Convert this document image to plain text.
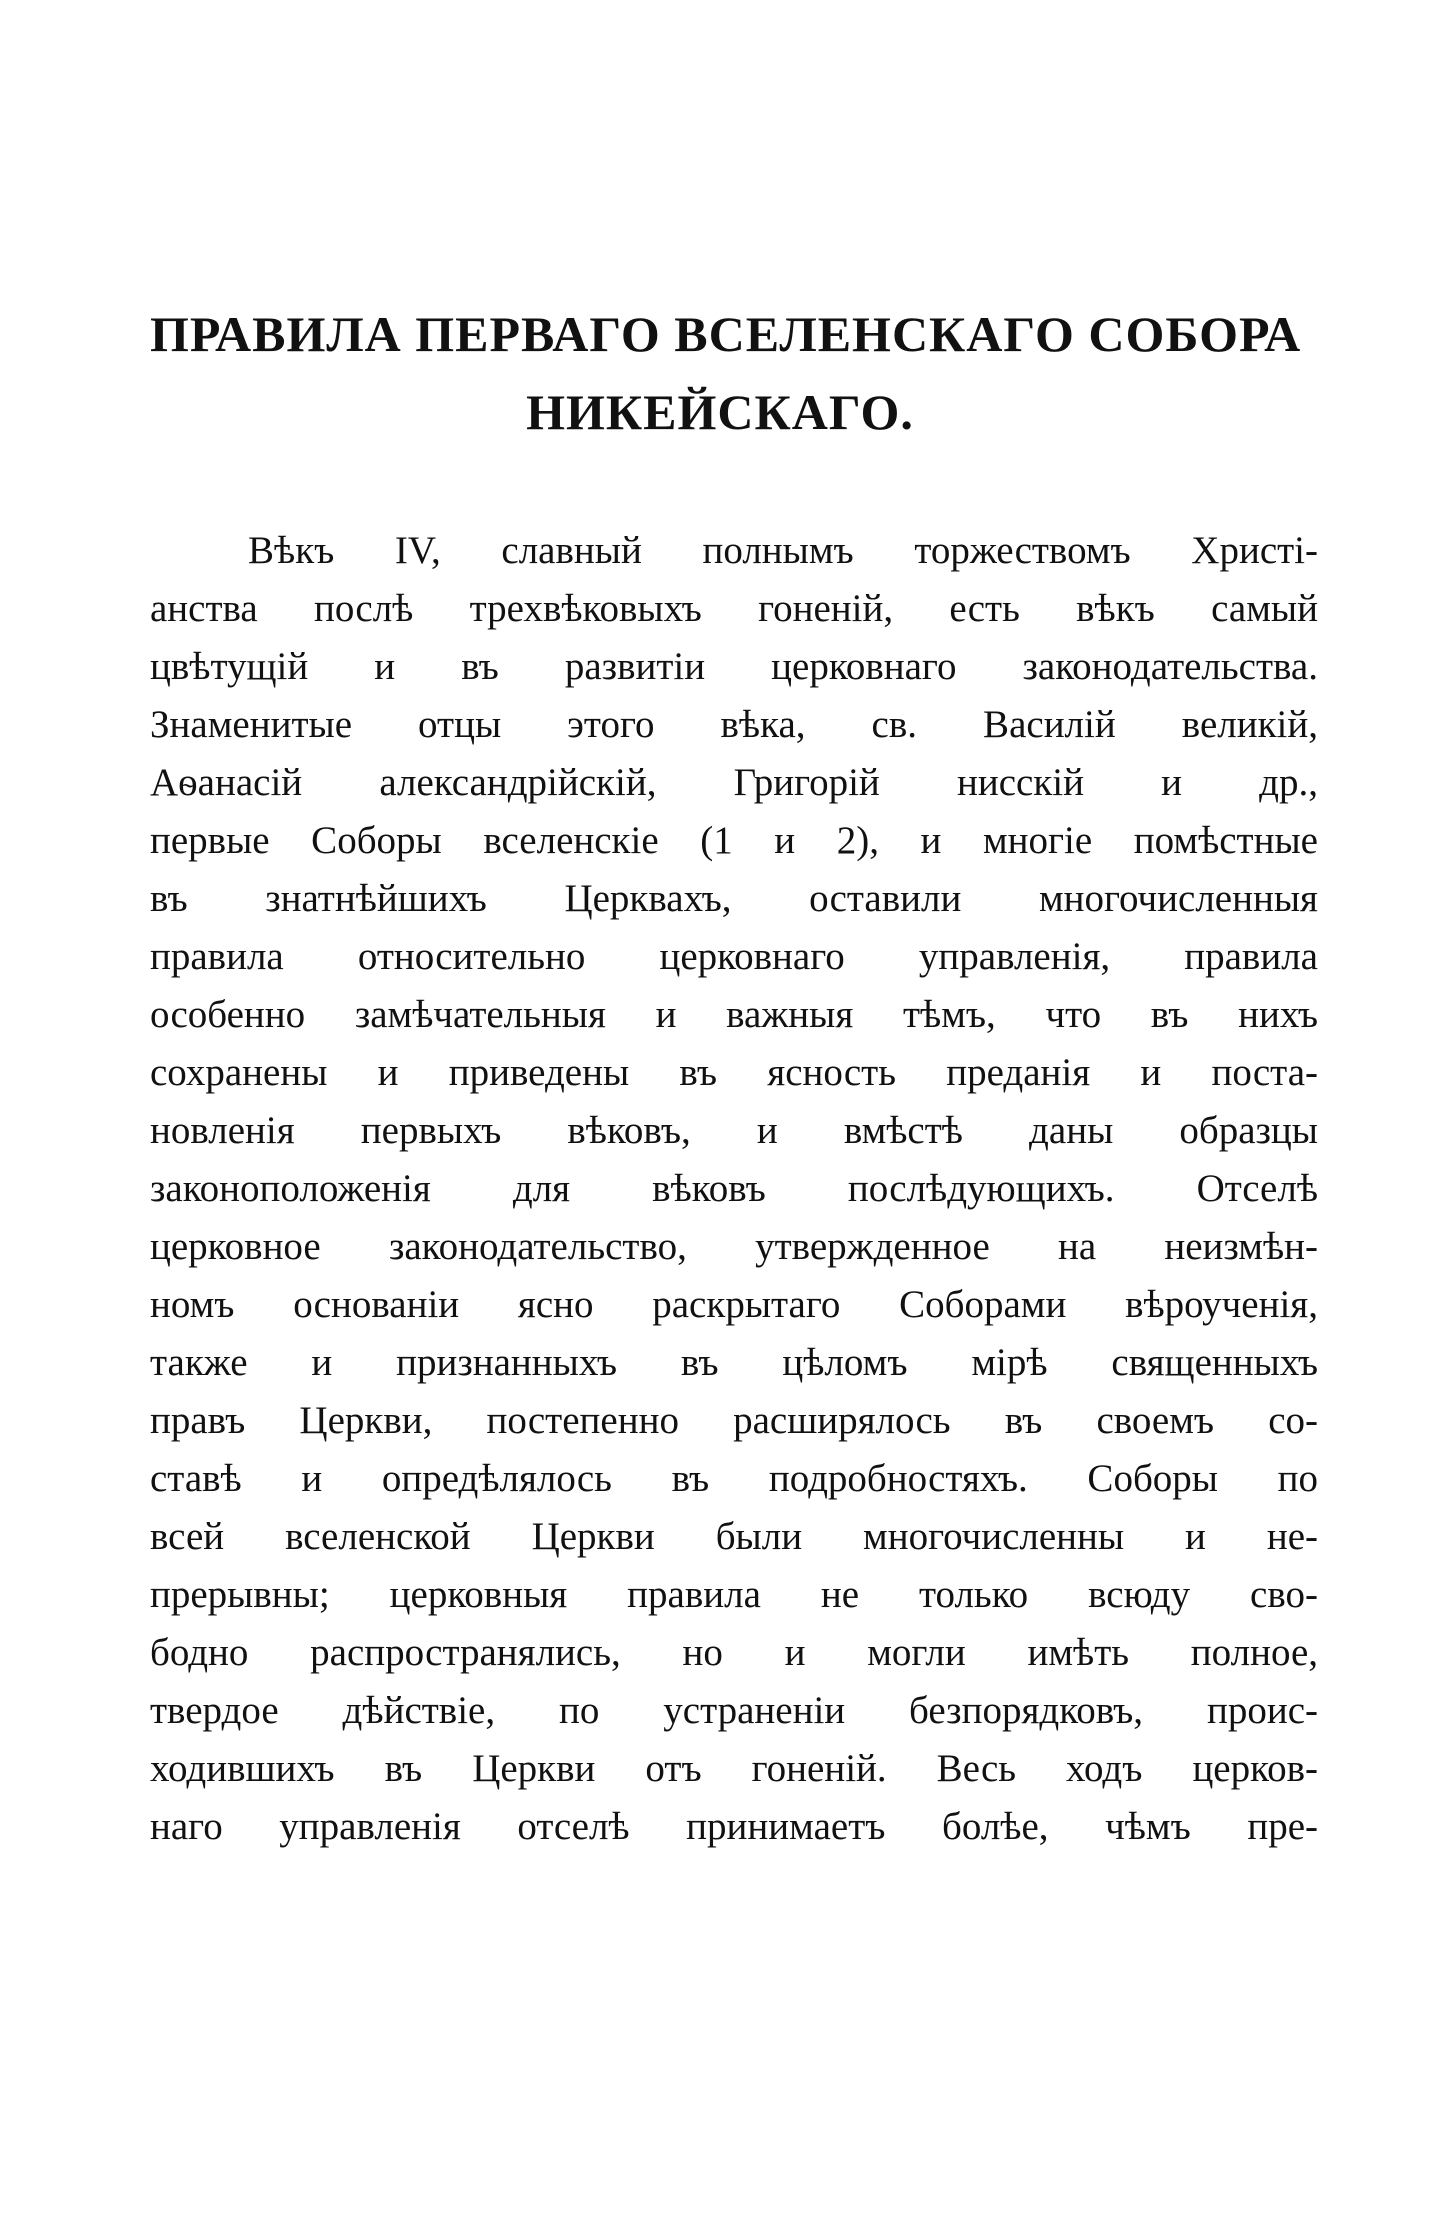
ПРАВИЛА ПЕРВАГО ВСЕЛЕНСКАГО СОБОРА
НИКЕЙСКАГО.
Вѣкъ IV, славный полнымъ торжествомъ Христі-
анства послѣ трехвѣковыхъ гоненій, есть вѣкъ самый
цвѣтущій и въ развитіи церковнаго законодательства.
Знаменитые отцы этого вѣка, св. Василій великій,
Аѳанасій александрійскій, Григорій нисскій и др.,
первые Соборы вселенскіе (1 и 2), и многіе помѣстные
въ знатнѣйшихъ Церквахъ, оставили многочисленныя
правила относительно церковнаго управленія, правила
особенно замѣчательныя и важныя тѣмъ, что въ нихъ
сохранены и приведены въ ясность преданія и поста-
новленія первыхъ вѣковъ, и вмѣстѣ даны образцы
законоположенія для вѣковъ послѣдующихъ. Отселѣ
церковное законодательство, утвержденное на неизмѣн-
номъ основаніи ясно раскрытаго Соборами вѣроученія,
также и признанныхъ въ цѣломъ мірѣ священныхъ
правъ Церкви, постепенно расширялось въ своемъ со-
ставѣ и опредѣлялось въ подробностяхъ. Соборы по
всей вселенской Церкви были многочисленны и не-
прерывны; церковныя правила не только всюду сво-
бодно распространялись, но и могли имѣть полное,
твердое дѣйствіе, по устраненіи безпорядковъ, проис-
ходившихъ въ Церкви отъ гоненій. Весь ходъ церков-
наго управленія отселѣ принимаетъ болѣе, чѣмъ пре-
